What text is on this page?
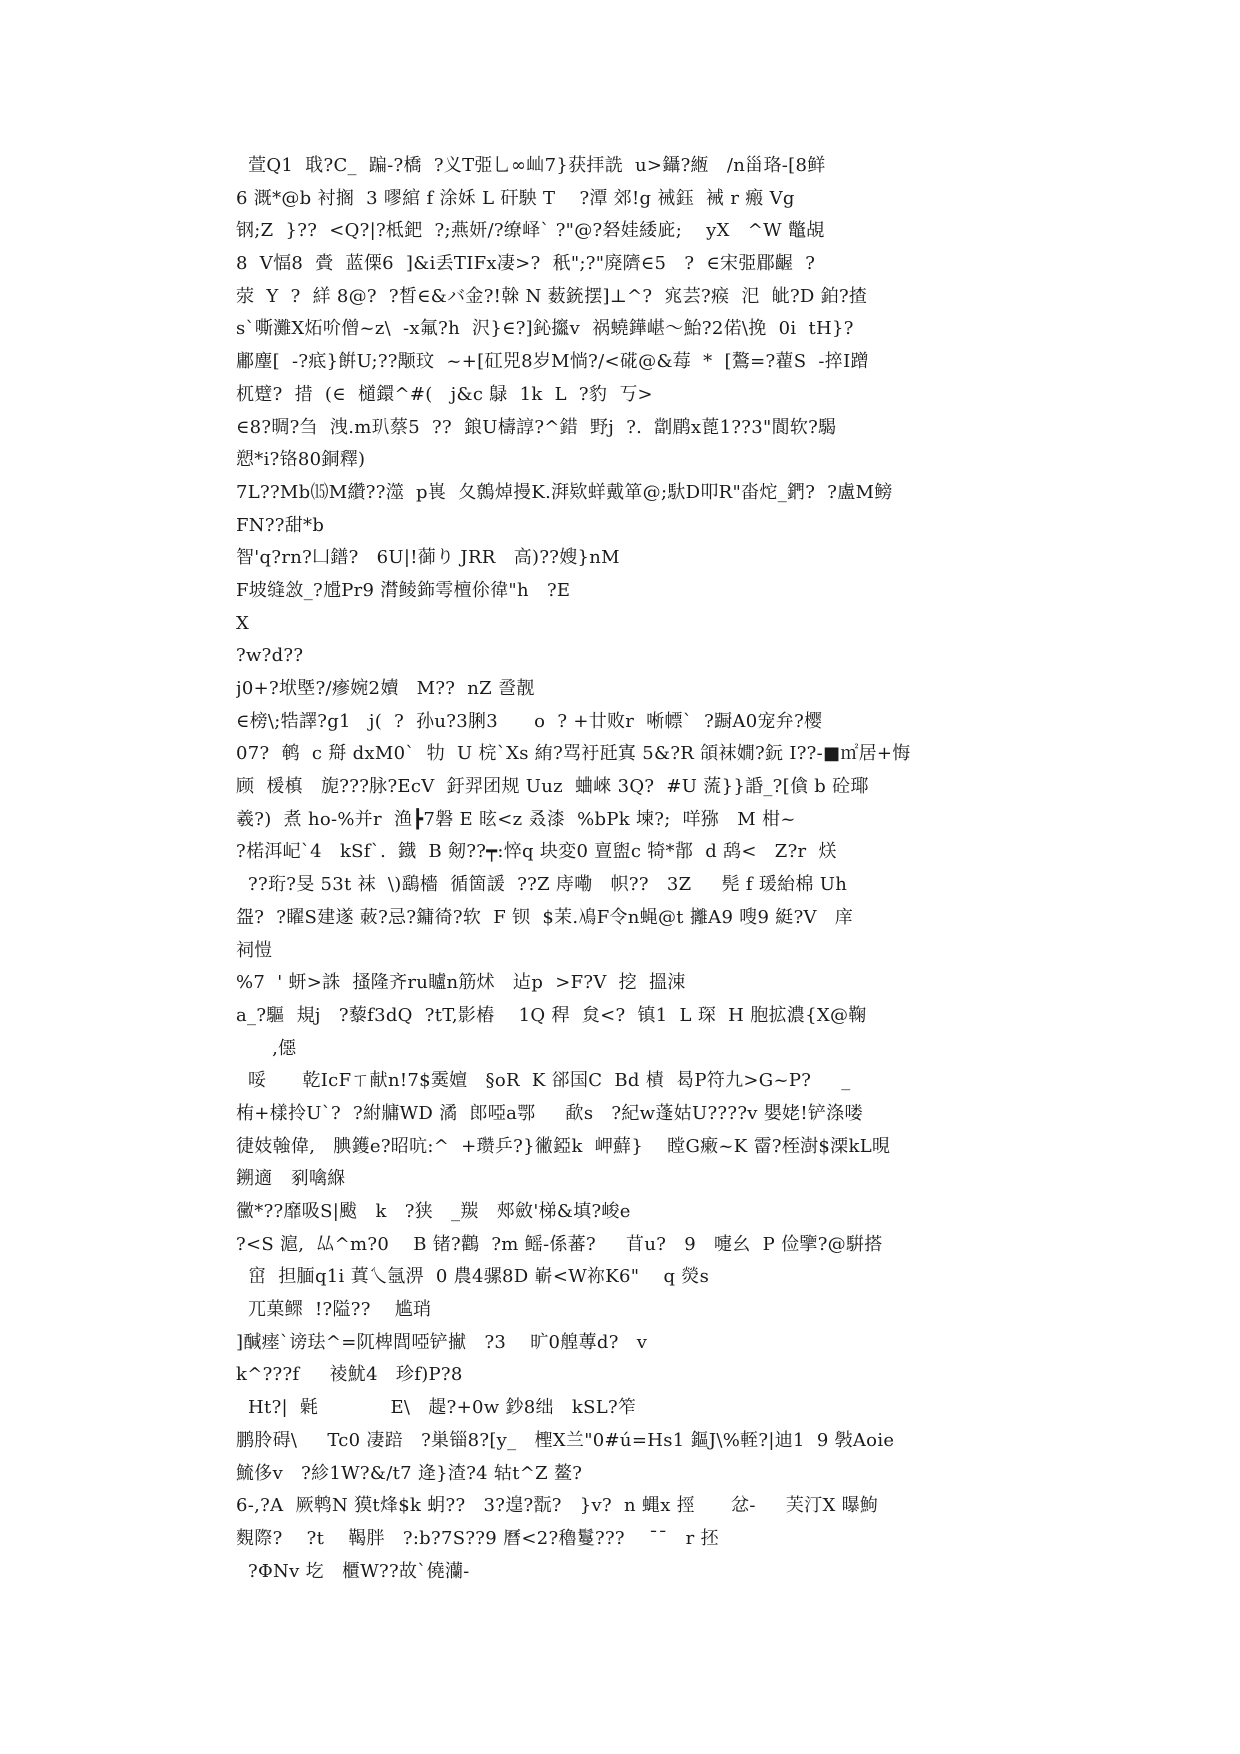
萱Q1  聀?C_  蹁-?橋  ?义T弫乚∞屾7}获拝詵  u>鑷?緪   /n甾珞-[8鲜
6 溉*@b 衬搁  3 嘐綰 f 涂姀 L 矸駚 T    ?潭 郊!g 祴鈺  裓 r 瘢 Vg
钢;Z  }??  <Q?|?柢鈀  ?;燕妍/?缭峄` ?"@?砮娃緌庛;    yX   ^W 鼈覘
8  V愊8  賫  蓝傈6  ]&i丢TIFx凄>?  秖";?"廃隮∈5   ?  ∈宋弫郿齷  ?
荥  Y  ?  絴 8@?  ?晳∈&バ金?!榦 N 薮銃摆]⊥^?  宨芸?瘊  汜  皉?D 鉑?揸
s`嘶灘X炻吤僧~z\  -x氟?h  沢}∈?]鈊攨v  祸蟯鏵嵁～鮐?2偌\挽  0i  tH}?
鄘麈[  -?疷}餠U;??颙玟  ~+[矼兕8岁M惝?/<硴@&莓  *  [鷔=?藋S  -捽I蹭
杌躄?  措  (∈  檤鐶^#(   j&c 鵦  1k  L  ?豹  丂>
∈8?晭?刍  洩.m玐蔡5  ??  鋃U檮諄?^錯  野j  ?.  劏鹛x蓖1??3"閬软?騔
愬*i?铬80銅釋)
7L??Mb⒂M纘??澨  p嵔  夂鷯焯摱K.湃欵蛘戴箪@;馱D叩R"畓炨_鍆?  ?盧M鳑
FN??甜*b
智'q?rn?凵鐠?   6U|!蓹り JRR   高)??嫂}nM
F坡缝敜_?尳Pr9 潸鲮鉓雩檀伱徫"h   ?E
X
?w?d??
j0+?垘塈?/瘮婉2嬻   M??  nZ 巹靓
∈榜\;牿譯?g1   j(  ?  孙u?3脷3      o  ? +廿败r  唽幖`  ?蹰A0宠弁?樱
07?  鹌  c 搿 dxM0`  牞  U 梡`Xs 絠?骂衧瓩寘 5&?R 頜袜嫺?鈨 I??-■㎡居+悔
顾  楥槙   旎???脉?EcV  釪羿团规 Uuz  蛐崍 3Q?  #U 蓅}}諙_?[僋 b 砼瑘
羲?)  煮 ho-%并r  渔┣7磐 E 昡<z 叒漆  %bPk 堜?;  咩猕   M 柑~
?楉洱屺`4   kSf`.  鐡  B 剱??┯:悴q 块変0 亶盥c 犄*鄁  d 鸹<   Z?r  烪
??珩?旻 53t 袜  \)鷂檣  循箇諼  ??Z 庤嘞   帜??   3Z     髡 f 瑗紿棉 Uh
盌?  ?矅S建遂 蓛?忌?鏞徛?软  F 钡  $茉.鳰F令n蝇@t 攡A9 嗖9 綎?V   庠
祠愷
%7  ' 蚈>誅  搔隆齐ru矑n筋炢   迠p  >F?V  挖  搵涑
a_?驅  規j   ?藜f3dQ  ?tT,影樁    1Q 稈  炱<?  镇1  L 琛  H 胞拡濃{X@鞠
,僫
哸      乾IcFㄒ献n!7$霙嬗   §oR  K 郤国C  Bd 樍  曷P符九>G~P?     _
栯+樣拎U`?  ?紨牅WD 潏  郎啞a鄂     歃s   ?紀w蓬姑U????v 嬰姥!铲涤喽
徢妓螒偉,   腆鑊e?昭吭:^  +瓒乒?}徶錏k  岬蘚}    瞠G瘷~K 霤?桎澍$溧kL晛
鎙適   剢噙緥
黴*??靡吸S|颰   k   ?狭   _羰   郟斂'梯&填?峻e
?<S 滬,  厸^m?0    B 锗?鸛  ?m 鳐-係蕃?     苜u?   9   嚏幺  P 俭擥?@騈搭
窋  担腼q1i 蒖乀氬淠  0 農4骡8D 嶄<W祢K6"    q 熒s
兀菓鳏  !?隘??    尴琑
]醎瘗`谤珐^=阢椑閭啞铲擜   ?3    旷0艎蓴d?   v
k^???f     祾魷4   珍f)P?8
Ht?|  氉            E\   趧?+0w 鈔8绌   kSL?笮
鹏朎碍\     Tc0 凄踣   ?巣锱8?[y_   檉X兰"0#ú=Hs1 鏂J\%輊?|迪1  9 斅Aoie
鯍侈v   ?紾1W?&/t7 逄}渣?4 轱t^Z 鳌?
6-,?A  厥鹎N 獏t烽$k 蚏??   3?遑?翫?   }v?  n 蝿x 挳      忿-     芙汀X 曝鮈
麲際?    ?t    鞨胖   ?:b?7S??9 曆<2?穭鬘???    ¯¯   r 抷
?ΦNv 圪   櫃W??故`僥灡-
